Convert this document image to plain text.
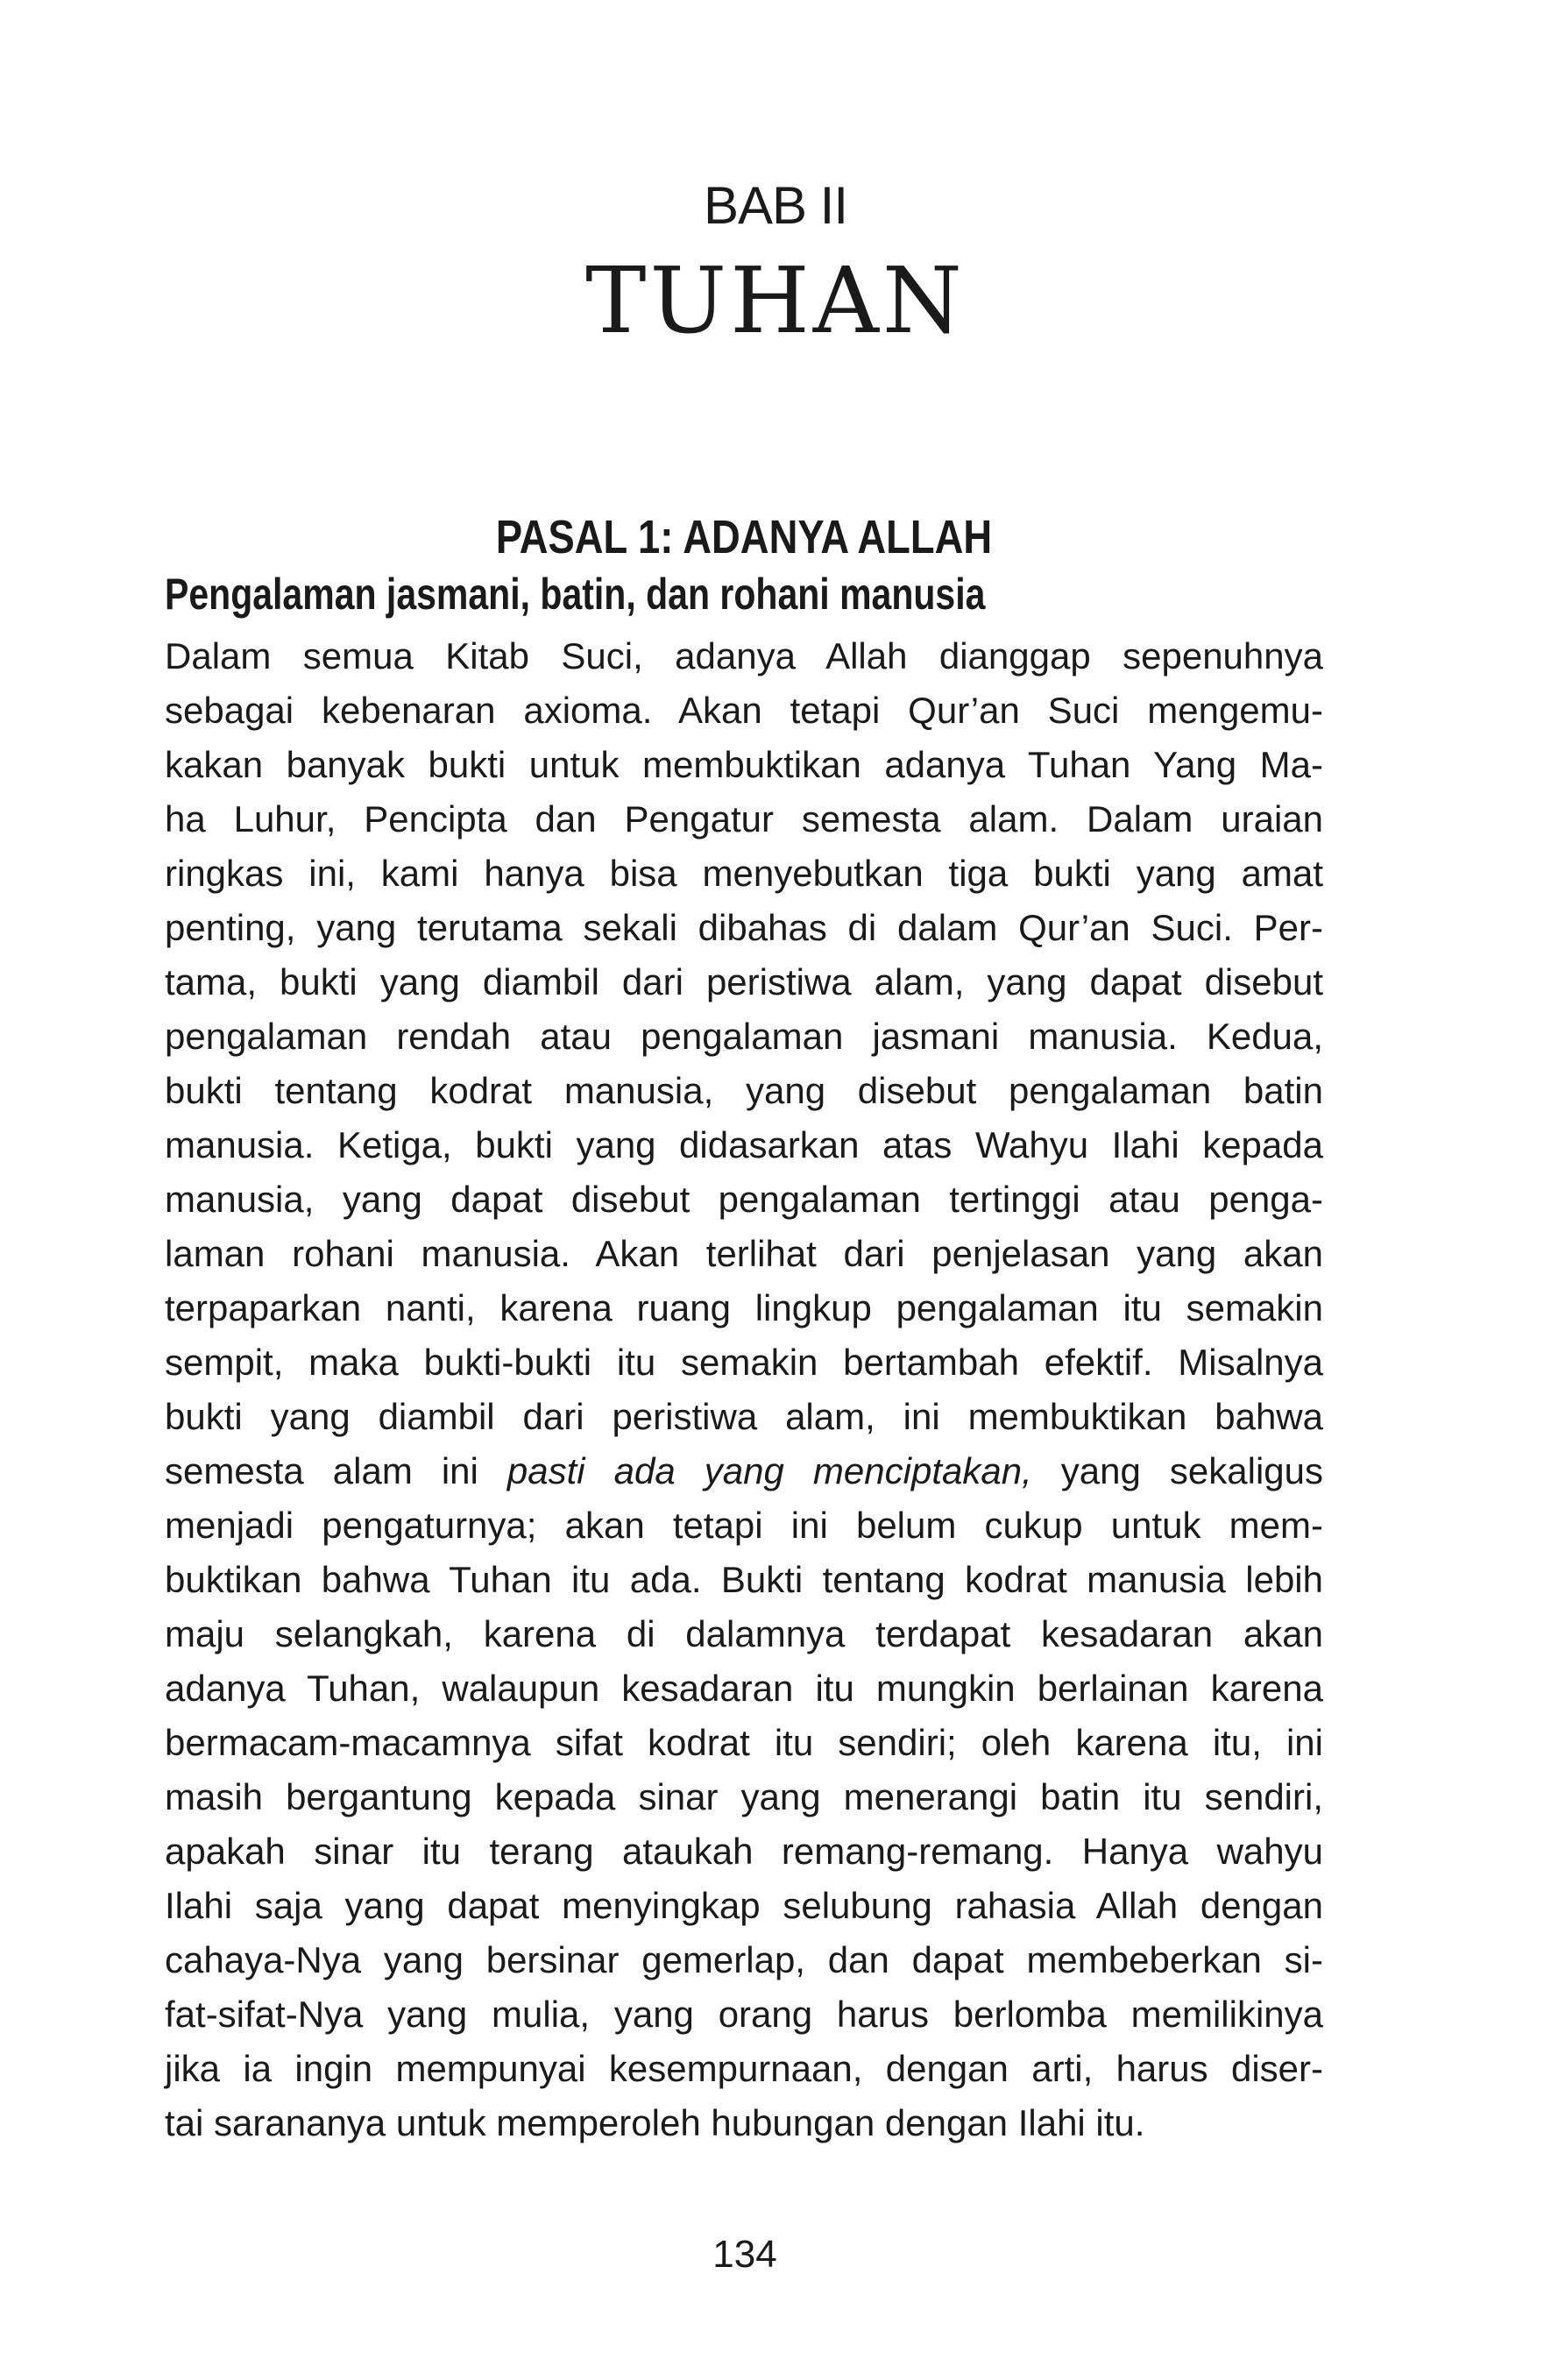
BAB II
TUHAN
PASAL 1: ADANYA ALLAH
Pengalaman jasmani, batin, dan rohani manusia
Dalam semua Kitab Suci, adanya Allah dianggap sepenuhnya
sebagai kebenaran axioma. Akan tetapi Qur’an Suci mengemu-
kakan banyak bukti untuk membuktikan adanya Tuhan Yang Ma-
ha Luhur, Pencipta dan Pengatur semesta alam. Dalam uraian
ringkas ini, kami hanya bisa menyebutkan tiga bukti yang amat
penting, yang terutama sekali dibahas di dalam Qur’an Suci. Per-
tama, bukti yang diambil dari peristiwa alam, yang dapat disebut
pengalaman rendah atau pengalaman jasmani manusia. Kedua,
bukti tentang kodrat manusia, yang disebut pengalaman batin
manusia. Ketiga, bukti yang didasarkan atas Wahyu Ilahi kepada
manusia, yang dapat disebut pengalaman tertinggi atau penga-
laman rohani manusia. Akan terlihat dari penjelasan yang akan
terpaparkan nanti, karena ruang lingkup pengalaman itu semakin
sempit, maka bukti-bukti itu semakin bertambah efektif. Misalnya
bukti yang diambil dari peristiwa alam, ini membuktikan bahwa
semesta alam ini pasti ada yang menciptakan, yang sekaligus
menjadi pengaturnya; akan tetapi ini belum cukup untuk mem-
buktikan bahwa Tuhan itu ada. Bukti tentang kodrat manusia lebih
maju selangkah, karena di dalamnya terdapat kesadaran akan
adanya Tuhan, walaupun kesadaran itu mungkin berlainan karena
bermacam-macamnya sifat kodrat itu sendiri; oleh karena itu, ini
masih bergantung kepada sinar yang menerangi batin itu sendiri,
apakah sinar itu terang ataukah remang-remang. Hanya wahyu
Ilahi saja yang dapat menyingkap selubung rahasia Allah dengan
cahaya-Nya yang bersinar gemerlap, dan dapat membeberkan si-
fat-sifat-Nya yang mulia, yang orang harus berlomba memilikinya
jika ia ingin mempunyai kesempurnaan, dengan arti, harus diser-
tai sarananya untuk memperoleh hubungan dengan Ilahi itu.
134
